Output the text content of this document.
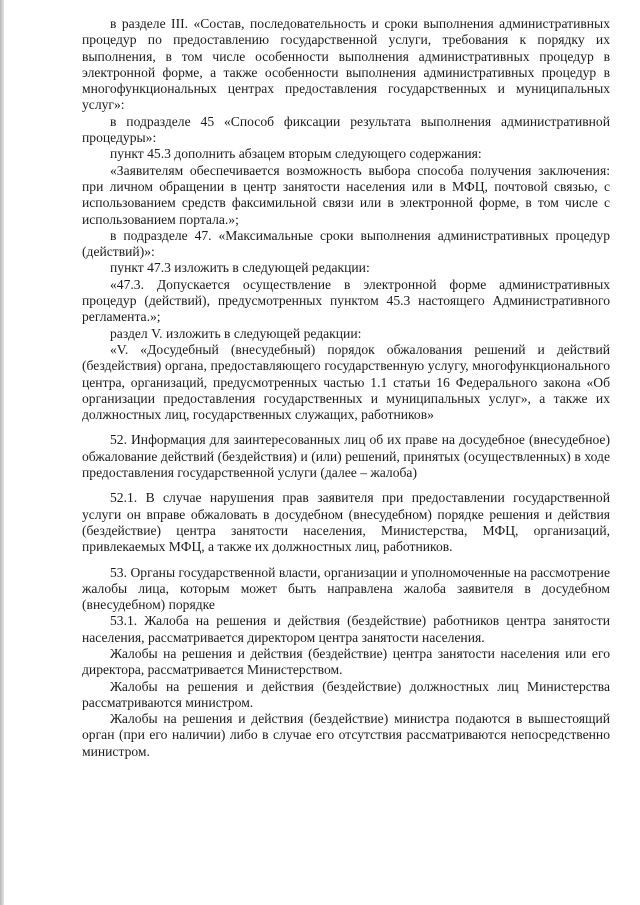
в разделе III. «Состав, последовательность и сроки выполнения административных процедур по предоставлению государственной услуги, требования к порядку их выполнения, в том числе особенности выполнения административных процедур в электронной форме, а также особенности выполнения административных процедур в многофункциональных центрах предоставления государственных и муниципальных услуг»:

в подразделе 45 «Способ фиксации результата выполнения административной процедуры»:

пункт 45.3 дополнить абзацем вторым следующего содержания:

«Заявителям обеспечивается возможность выбора способа получения заключения: при личном обращении в центр занятости населения или в МФЦ, почтовой связью, с использованием средств факсимильной связи или в электронной форме, в том числе с использованием портала.»;

в подразделе 47. «Максимальные сроки выполнения административных процедур (действий)»:

пункт 47.3 изложить в следующей редакции:

«47.3. Допускается осуществление в электронной форме административных процедур (действий), предусмотренных пунктом 45.3 настоящего Административного регламента.»;

раздел V. изложить в следующей редакции:

«V. «Досудебный (внесудебный) порядок обжалования решений и действий (бездействия) органа, предоставляющего государственную услугу, многофункционального центра, организаций, предусмотренных частью 1.1 статьи 16 Федерального закона «Об организации предоставления государственных и муниципальных услуг», а также их должностных лиц, государственных служащих, работников»

52. Информация для заинтересованных лиц об их праве на досудебное (внесудебное) обжалование действий (бездействия) и (или) решений, принятых (осуществленных) в ходе предоставления государственной услуги (далее – жалоба)

52.1. В случае нарушения прав заявителя при предоставлении государственной услуги он вправе обжаловать в досудебном (внесудебном) порядке решения и действия (бездействие) центра занятости населения, Министерства, МФЦ, организаций, привлекаемых МФЦ, а также их должностных лиц, работников.

53. Органы государственной власти, организации и уполномоченные на рассмотрение жалобы лица, которым может быть направлена жалоба заявителя в досудебном (внесудебном) порядке

53.1. Жалоба на решения и действия (бездействие) работников центра занятости населения, рассматривается директором центра занятости населения.

Жалобы на решения и действия (бездействие) центра занятости населения или его директора, рассматривается Министерством.

Жалобы на решения и действия (бездействие) должностных лиц Министерства рассматриваются министром.

Жалобы на решения и действия (бездействие) министра подаются в вышестоящий орган (при его наличии) либо в случае его отсутствия рассматриваются непосредственно министром.
